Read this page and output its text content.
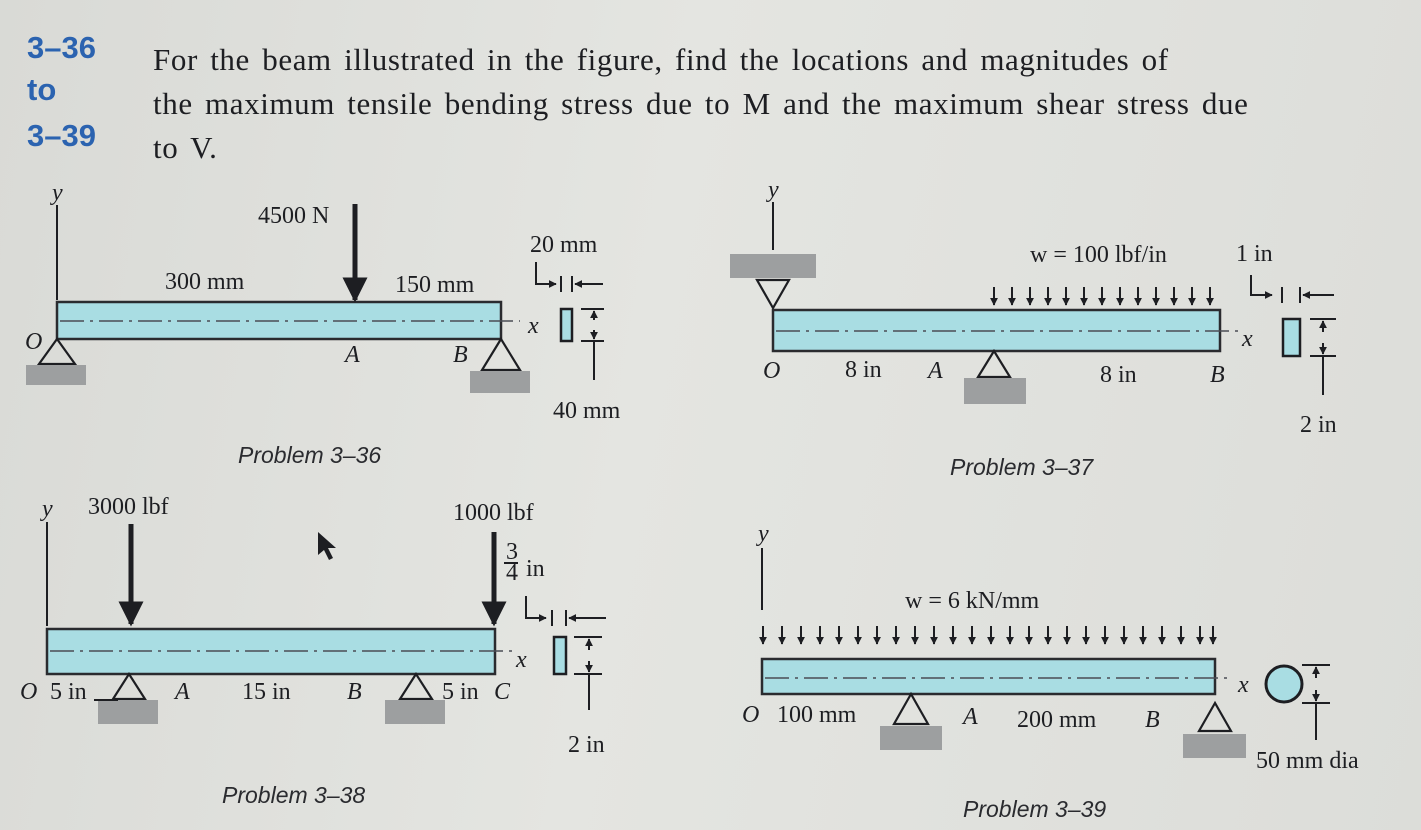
3–36
to
3–39
For the beam illustrated in the figure, find the locations and magnitudes of
the maximum tensile bending stress due to M and the maximum shear stress due
to V.
y
x
O	B
A
4500 N
300 mm	150 mm
20 mm
40 mm
Problem 3–36
y
x
O	A	B
8 in	8 in
w = 100 lbf/in	1 in
2 in
Problem 3–37
y 3000 lbf	1000 lbf
x
O 5 in	A 15 in B	5 in C
3
4 in
2 in
Problem 3–38
y
w = 6 kN/mm
x
O 100 mm	A 200 mm B
50 mm dia
Problem 3–39
